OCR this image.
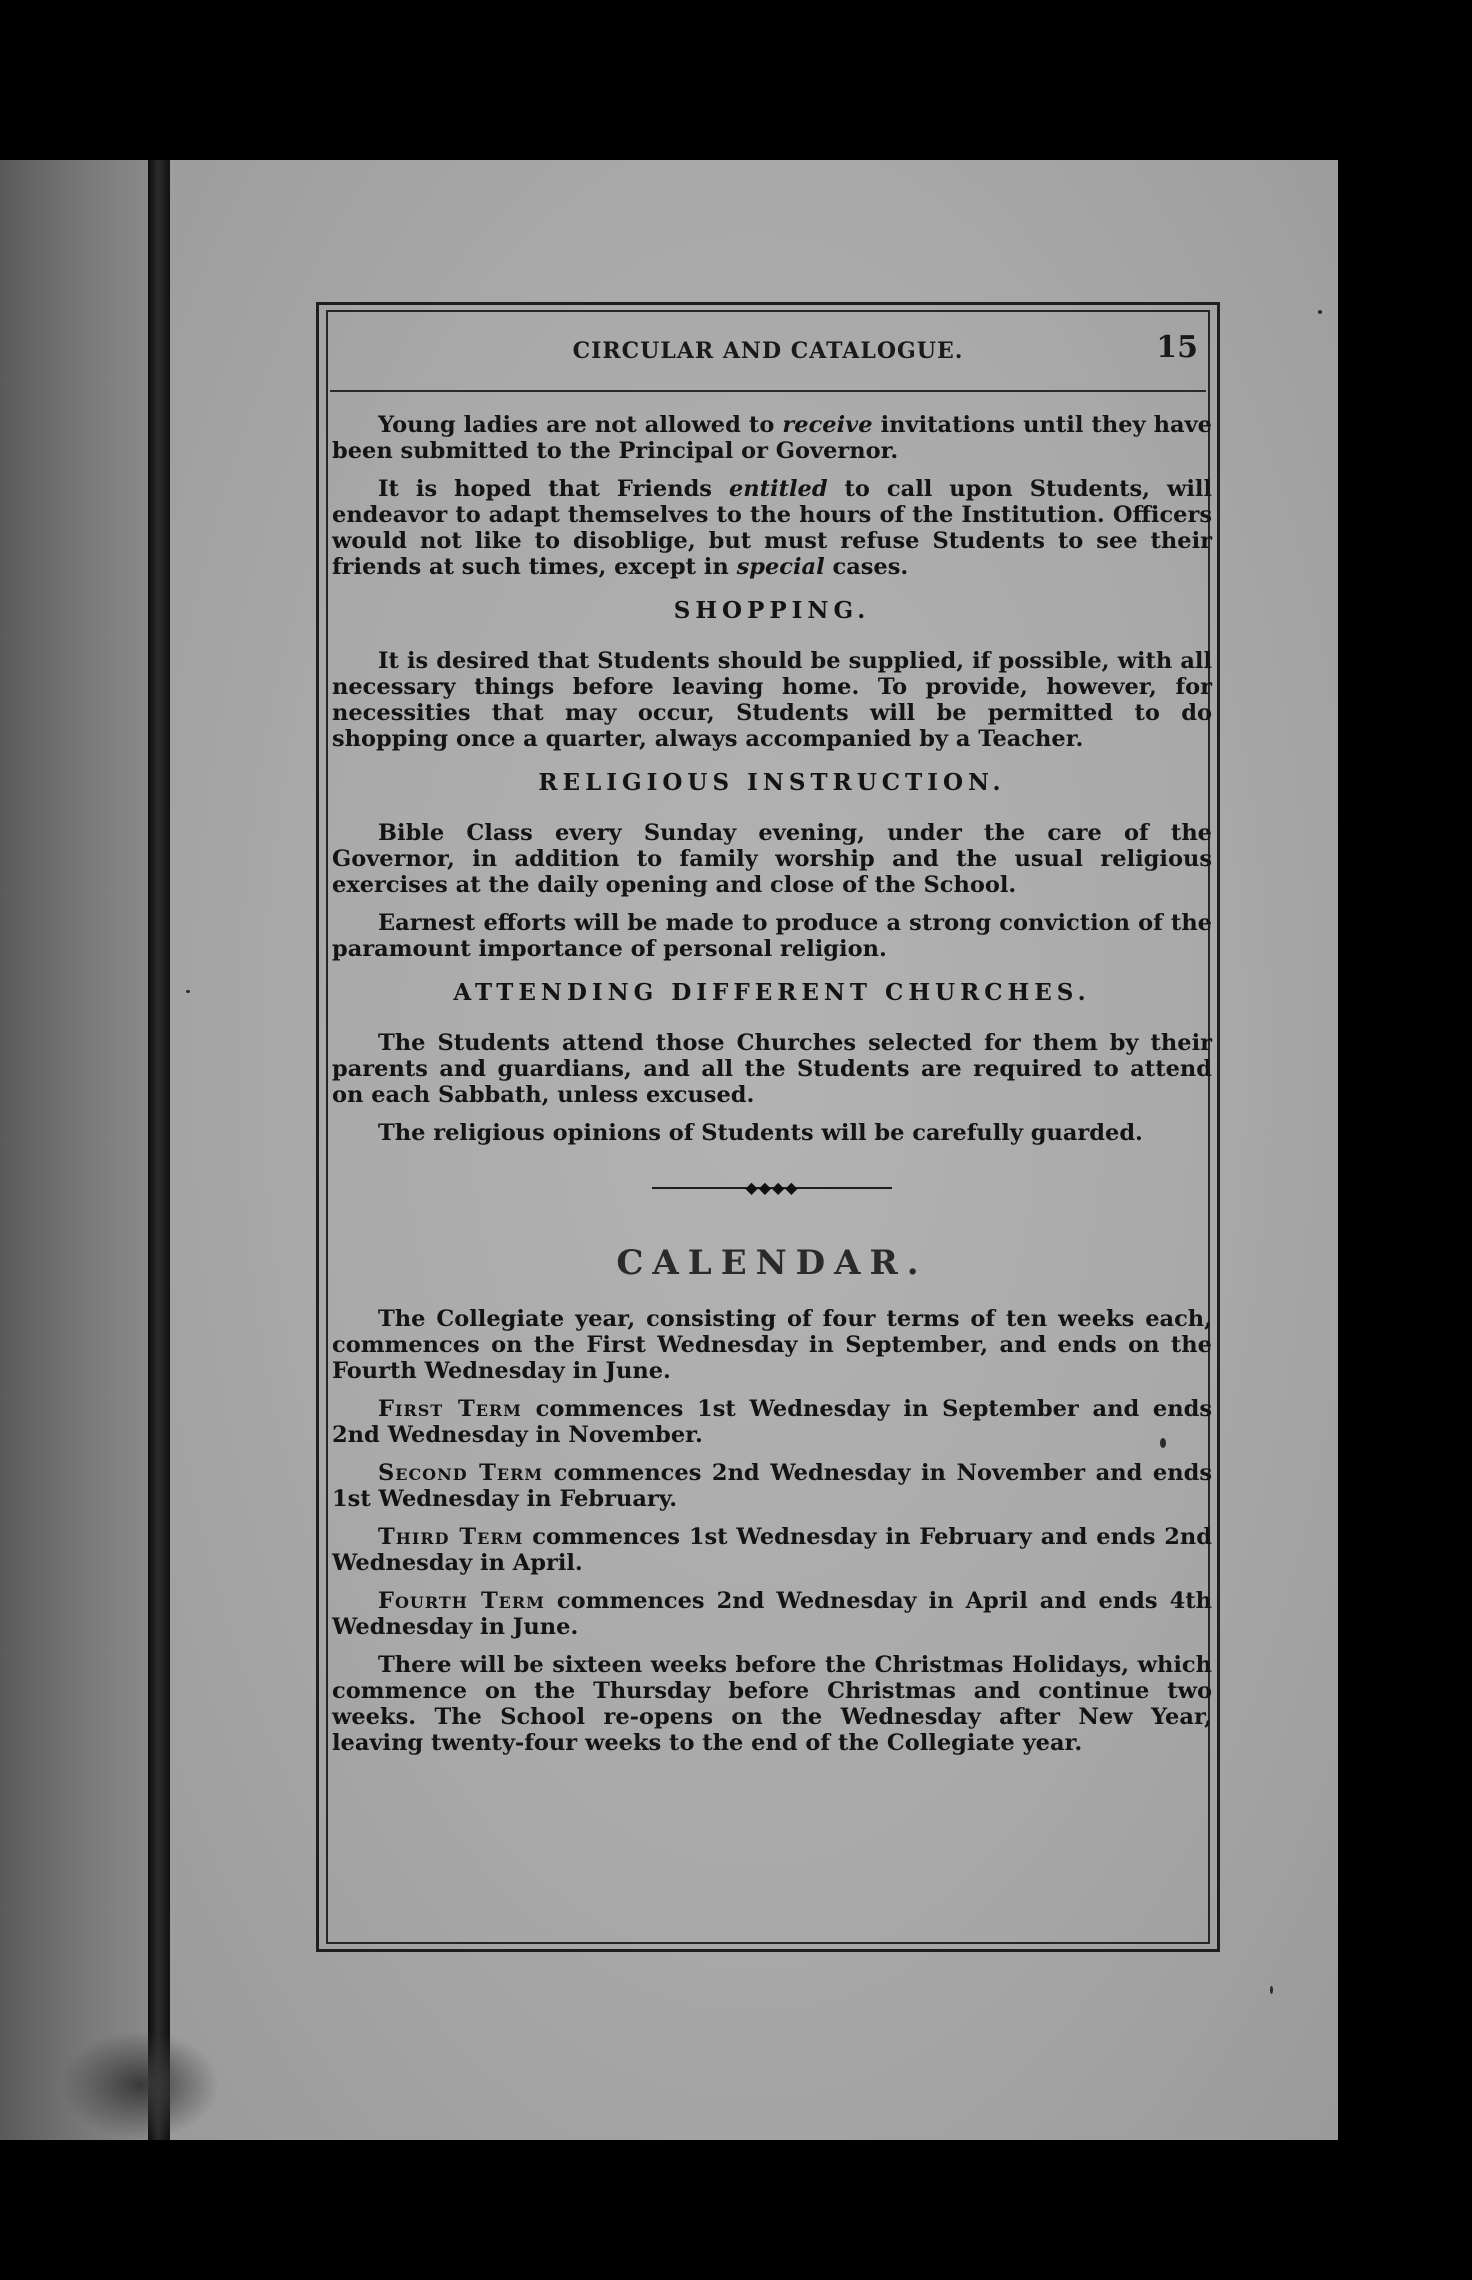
CIRCULAR AND CATALOGUE.	15

Young ladies are not allowed to receive invitations until they have been submitted to the Principal or Governor.

It is hoped that Friends entitled to call upon Students, will endeavor to adapt themselves to the hours of the Institution. Officers would not like to disoblige, but must refuse Students to see their friends at such times, except in special cases.

SHOPPING.

It is desired that Students should be supplied, if possible, with all necessary things before leaving home. To provide, however, for necessities that may occur, Students will be permitted to do shopping once a quarter, always accompanied by a Teacher.

RELIGIOUS INSTRUCTION.

Bible Class every Sunday evening, under the care of the Governor, in addition to family worship and the usual religious exercises at the daily opening and close of the School.

Earnest efforts will be made to produce a strong conviction of the paramount importance of personal religion.

ATTENDING DIFFERENT CHURCHES.

The Students attend those Churches selected for them by their parents and guardians, and all the Students are required to attend on each Sabbath, unless excused.

The religious opinions of Students will be carefully guarded.

◆◆◆◆
CALENDAR.

The Collegiate year, consisting of four terms of ten weeks each, commences on the First Wednesday in September, and ends on the Fourth Wednesday in June.

First Term commences 1st Wednesday in September and ends 2nd Wednesday in November.

Second Term commences 2nd Wednesday in November and ends 1st Wednesday in February.

Third Term commences 1st Wednesday in February and ends 2nd Wednesday in April.

Fourth Term commences 2nd Wednesday in April and ends 4th Wednesday in June.

There will be sixteen weeks before the Christmas Holidays, which commence on the Thursday before Christmas and continue two weeks. The School re-opens on the Wednesday after New Year, leaving twenty-four weeks to the end of the Collegiate year.
